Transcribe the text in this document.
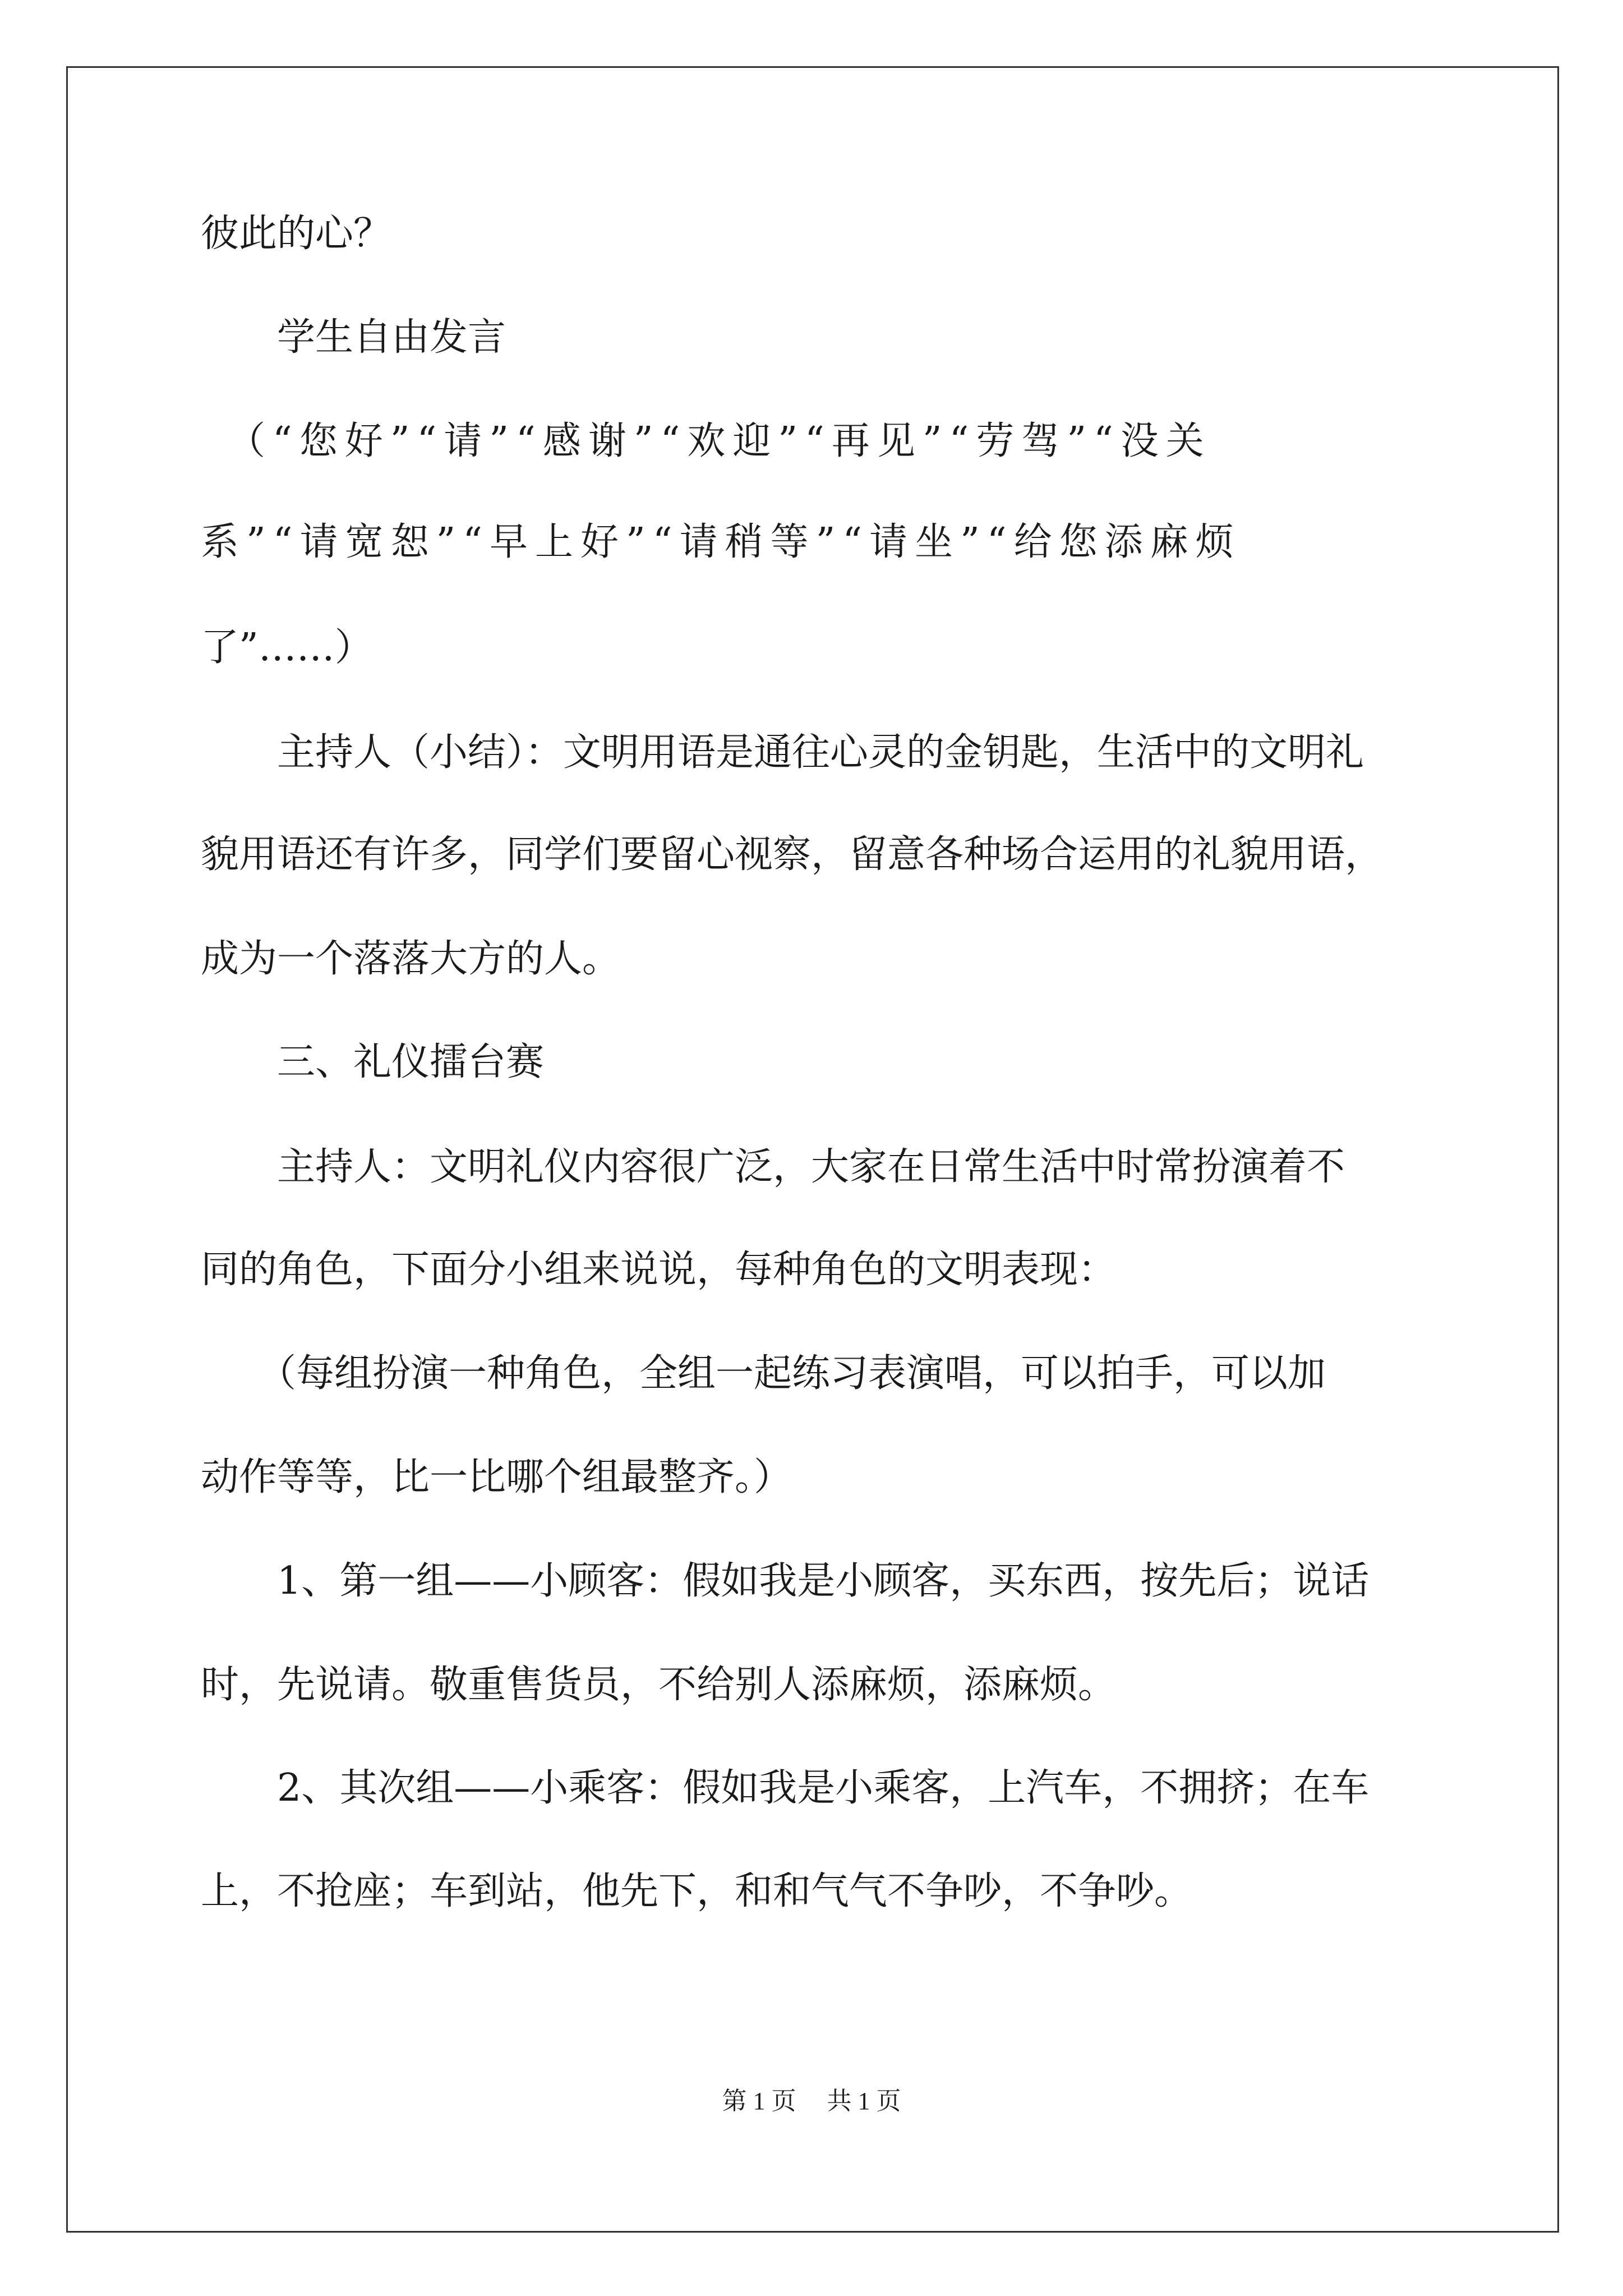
彼此的心？
　　学生自由发言
　（“您好”“请”“感谢”“欢迎”“再见”“劳驾”“没关
系”“请宽恕”“早上好”“请稍等”“请坐”“给您添麻烦
了”……）
　　主持人（小结）：文明用语是通往心灵的金钥匙，生活中的文明礼
貌用语还有许多，同学们要留心视察，留意各种场合运用的礼貌用语，
成为一个落落大方的人。
　　三、礼仪擂台赛
　　主持人：文明礼仪内容很广泛，大家在日常生活中时常扮演着不
同的角色，下面分小组来说说，每种角色的文明表现：
　　（每组扮演一种角色，全组一起练习表演唱，可以拍手，可以加
动作等等，比一比哪个组最整齐。）
　　1、第一组——小顾客：假如我是小顾客，买东西，按先后；说话
时，先说请。敬重售货员，不给别人添麻烦，添麻烦。
　　2、其次组——小乘客：假如我是小乘客，上汽车，不拥挤；在车
上，不抢座；车到站，他先下，和和气气不争吵，不争吵。
第 1 页　 共 1 页
